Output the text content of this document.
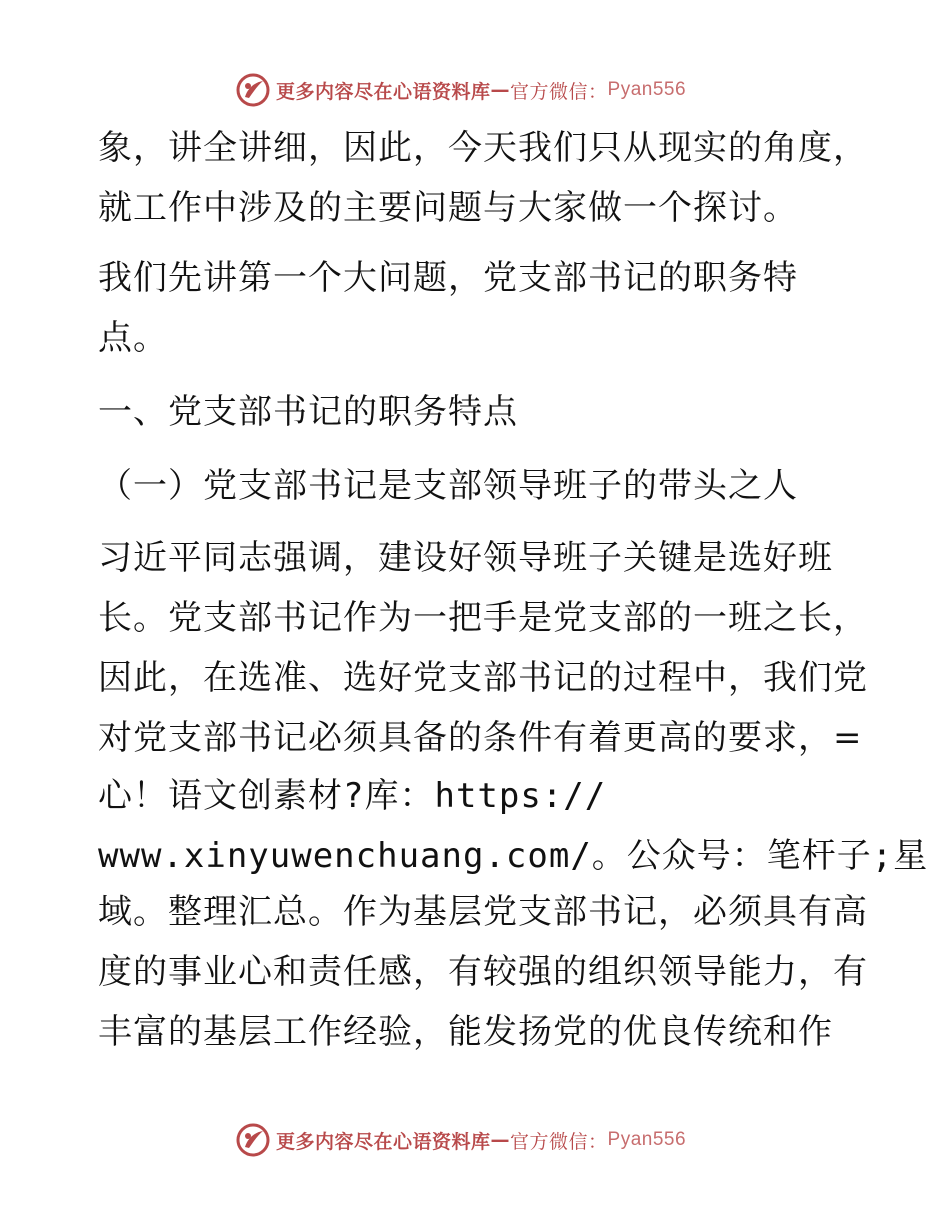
更多内容尽在心语资料库 — 官方微信： Pyan556
象，讲全讲细，因此，今天我们只从现实的角度，
就工作中涉及的主要问题与大家做一个探讨。
我们先讲第一个大问题，党支部书记的职务特
点。
一、党支部书记的职务特点
（一）党支部书记是支部领导班子的带头之人
习近平同志强调，建设好领导班子关键是选好班
长。党支部书记作为一把手是党支部的一班之长，
因此，在选准、选好党支部书记的过程中，我们党
对党支部书记必须具备的条件有着更高的要求，=
心！语文创素材?库：https://
www.xinyuwenchuang.com/。公众号：笔杆子;星
域。整理汇总。作为基层党支部书记，必须具有高
度的事业心和责任感，有较强的组织领导能力，有
丰富的基层工作经验，能发扬党的优良传统和作
更多内容尽在心语资料库 — 官方微信： Pyan556
